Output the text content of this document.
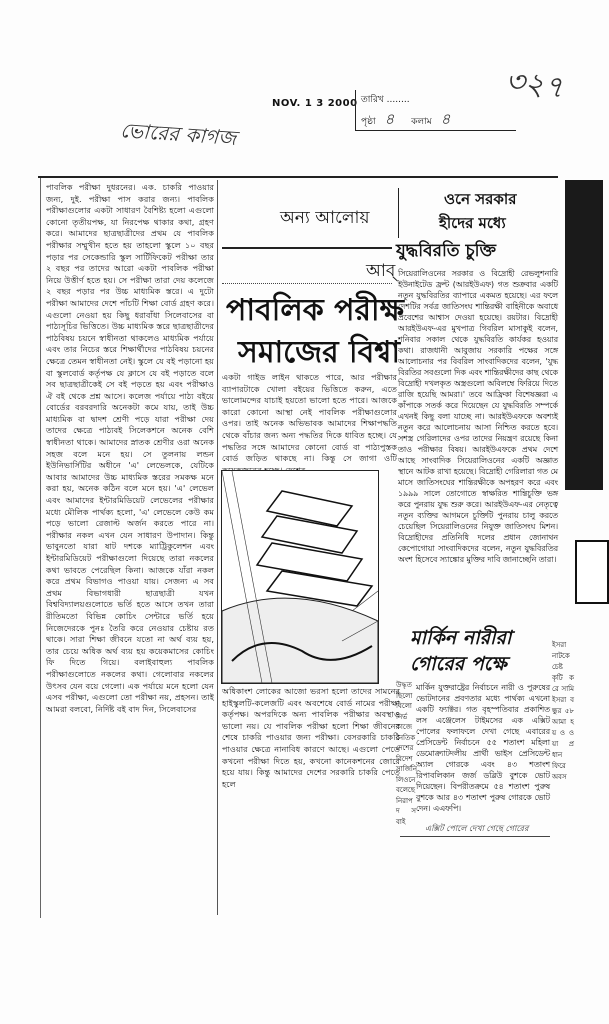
৩২৭
ভোরের কাগজ
NOV. 1 3 2000 তারিখ ........
পৃষ্ঠা ৪ কলাম ৪
পাবলিক পরীক্ষা দুধরনের। এক. চাকরি পাওয়ার জন্য, দুই. পরীক্ষা পাস করার জন্য। পাবলিক পরীক্ষাগুলোর একটা সাধারণ বৈশিষ্ট্য হলো এগুলো কোনো তৃতীয়পক্ষ, যা নিরপেক্ষ থাকার কথা, গ্রহণ করে। আমাদের ছাত্রছাত্রীদের প্রথম যে পাবলিক পরীক্ষার সম্মুখীন হতে হয় তাহলো স্কুলে ১০ বছর পড়ার পর সেকেন্ডারি স্কুল সার্টিফিকেট পরীক্ষা তার ২ বছর পর তাদের আরো একটা পাবলিক পরীক্ষা নিয়ে উত্তীর্ণ হতে হয়। সে পরীক্ষা তারা দেয় কলেজে ২ বছর পড়ার পর উচ্চ মাধ্যমিক স্তরে। এ দুটো পরীক্ষা আমাদের দেশে পাঁচটি শিক্ষা বোর্ড গ্রহণ করে। এগুলো নেওয়া হয় কিছু ধরাবাঁধা সিলেবাসের বা পাঠ্যসূচির ভিত্তিতে। উচ্চ মাধ্যমিক স্তরে ছাত্রছাত্রীদের পাঠবিষয় চয়নে স্বাধীনতা থাকলেও মাধ্যমিক পর্যায়ে এবং তার নিচের স্তরে শিক্ষার্থীদের পাঠবিষয় চয়নের ক্ষেত্রে তেমন স্বাধীনতা নেই। স্কুলে যে বই পড়ানো হয় বা স্কুলবোর্ড কর্তৃপক্ষ যে ক্লাসে যে বই পড়াতে বলে সব ছাত্রছাত্রীকেই সে বই পড়তে হয় এবং পরীক্ষাও ঐ বই থেকে প্রশ্ন আসে। কলেজ পর্যায়ে পাঠ্য বইয়ে বোর্ডের বরবরদারি অনেকটা কমে যায়, তাই উচ্চ মাধ্যমিক বা দ্বাদশ শ্রেণী পড়ে যারা পরীক্ষা দেয় তাদের ক্ষেত্রে পাঠ্যবই সিলেকশনে অনেক বেশি স্বাধীনতা থাকে। আমাদের স্নাতক শ্রেণীর ওরা অনেক সহজ বলে মনে হয়। সে তুলনায় লন্ডন ইউনিভার্সিটির অধীনে 'এ' লেভেলকে, যেটিকে আবার আমাদের উচ্চ মাধ্যমিক স্তরের সমকক্ষ মনে করা হয়, অনেক কঠিন বলে মনে হয়। 'এ' লেভেল এবং আমাদের ইন্টারমিডিয়েট লেভেলের পরীক্ষার মধ্যে মৌলিক পার্থক্য হলো, 'এ' লেভেলে কেউ কম পড়ে ভালো রেজাল্ট অর্জন করতে পারে না। পরীক্ষার নকল এখন যেন সাধারণ উপাদান। কিন্তু ভাবুনতো যারা ষাট দশকে ম্যাট্রিকুলেশন এবং ইন্টারমিডিয়েট পরীক্ষাগুলো দিয়েছে তারা নকলের কথা ভাবতে পেরেছিল কিনা। আজকে যাঁরা নকল করে প্রথম বিভাগও পাওয়া যায়। সেজন্য এ সব প্রথম বিভাগধারী ছাত্রছাত্রী যখন বিশ্ববিদ্যালয়গুলোতে ভর্তি হতে আসে তখন তারা রীতিমতো বিভিন্ন কোচিং সেন্টারে ভর্তি হয়ে নিজেদেরকে পুনঃ তৈরি করে নেওয়ার চেষ্টায় রত থাকে। সারা শিক্ষা জীবনে যতো না অর্থ ব্যয় হয়, তার চেয়ে অধিক অর্থ ব্যয় হয় কয়েকমাসের কোচিং ফি দিতে গিয়ে। বলাইবাহুল্য পাবলিক পরীক্ষাগুলোতে নকলের কথা। গেলোবার নকলের উৎসব যেন বয়ে গেলো। এক পর্যায়ে মনে হলো যেন এসব পরীক্ষা, এগুলো তো পরীক্ষা নয়, প্রহসন। তাই আমরা বলবো, নির্দিষ্ট বই বাদ দিন, সিলেবাসের
অন্য আলোয়
আব্
পাবলিক পরীক্ষ
সমাজের বিশ্বা
একটা গাইড লাইন থাকতে পারে, আর পরীক্ষার ব্যাপারটাকে খোলা বইয়ের ভিত্তিতে করুন, এতে ভালোমন্দের যাচাই হয়তো ভালো হতে পারে। আজকে কারো কোনো আস্থা নেই পাবলিক পরীক্ষাগুলোর ওপর। তাই অনেক অভিভাবক আমাদের শিক্ষাপদ্ধতি থেকে বাঁচার জন্য অন্য পদ্ধতির দিকে ধাবিত হচ্ছে। যে পদ্ধতির সঙ্গে আমাদের কোনো বোর্ড বা পাঠ্যপুস্তক বোর্ড জড়িত থাকছে না। কিন্তু সে জাগা ওটি
অধিকাংশ লোকের আজো ভরসা হলো তাদের সামনের হাইস্কুলটি-কলেজটি এবং অবশেষে বোর্ড নামের পরীক্ষা কর্তৃপক্ষ। অপরদিকে অন্য পাবলিক পরীক্ষার অবস্থাও ভালো নয়। যে পাবলিক পরীক্ষা হলো শিক্ষা জীবনের শেষে চাকরি পাওয়ার জন্য পরীক্ষা। বেসরকারি চাকরি পাওয়ার ক্ষেত্রে নানাবিধ কারণে আছে। এগুলো পেতে কখনো পরীক্ষা দিতে হয়, কখনো কানেকশনের জোরে হয়ে যায়। কিন্তু আমাদের দেশের সরকারি চাকরি পেতে হলে
ওনে সরকার
হীদের মধ্যে
যুদ্ধবিরতি চুক্তি
সিয়েরালিওনের সরকার ও বিদ্রোহী রেভলুশনারি ইউনাইটেড ফ্রন্ট (আরইউএফ) গত শুক্রবার একটি নতুন যুদ্ধবিরতির ব্যাপারে একমত হয়েছে। এর ফলে দেশটির সর্বত্র জাতিসংঘ শান্তিরক্ষী বাহিনীকে অবাধে প্রবেশের আশ্বাস দেওয়া হয়েছে। রয়টার। বিদ্রোহী আরইউএফ-এর মুখপাত্র গিবরিল মাসাকুই বলেন, শনিবার সকাল থেকে যুদ্ধবিরতি কার্যকর হওয়ার কথা। রাজধানী আবুজায় সরকারি পক্ষের সঙ্গে আলোচনার পর বিবরিল সাংবাদিকদের বলেন, 'যুদ্ধ বিরতির সবগুলো দিক এবং শান্তিরক্ষীদের কাছ থেকে বিদ্রোহী দখলকৃত অস্ত্রগুলো অবিলম্বে ফিরিয়ে দিতে রাজি হয়েছি আমরা।' তবে আফ্রিকা বিশেষজ্ঞরা এ কাঁপাকে সতর্ক করে দিয়েছেন যে যুদ্ধবিরতি সম্পর্কে এখনই কিছু বলা যাচ্ছে না। আরইউএফকে অবশ্যই নতুন করে আলোচনায় আসা নিশ্চিত করতে হবে। সশস্ত্র গেরিলাদের ওপর তাদের নিয়ন্ত্রণ রয়েছে কিনা তাও পরীক্ষার বিষয়। আরইউএফকে প্রথম দেশে আছে সাংবাদিক সিয়েরালিওনের একটি অজ্ঞাত স্থানে আটক রাখা হয়েছে। বিদ্রোহী গেরিলারা গত মে মাসে জাতিসংঘের শান্তিরক্ষীকে অপহরণ করে এবং ১৯৯৯ সালে তোগোতে স্বাক্ষরিত শান্তিচুক্তি ভঙ্গ করে পুনরায় যুদ্ধ শুরু করে। আরইউএফ-এর নেতৃত্বে নতুন ব্যক্তির আগমনে চুক্তিটি পুনরায় চালু করতে চেয়েছিল সিয়েরালিওনের নিযুক্ত জাতিসংঘ মিশন। বিদ্রোহীদের প্রতিনিধি দলের প্রধান জোনাথন কেপোগোয়া সাংবাদিকদের বলেন, নতুন যুদ্ধবিরতির অংশ হিসেবে স্যাঙ্কোর মুক্তির দাবি জানাচ্ছেনি তারা।
উদ্ধৃত ছিলো বিলো নির্ভ কাজে নৈতিক দেশের বিদেশ সার্জিনি লিওনে বলেছে নিরাপদ সবাই
ইসরা নাটকে চেষ্ট কৃটি করে সামি ইসরা বন্ধুর ৫৮ আমা হয় ও ওয়া প্রধান ফিরে অবস
মার্কিন নারীরা
গোরের পক্ষে
মার্কিন যুক্তরাষ্ট্রের নির্বাচনে নারী ও পুরুষের ভোটদানের প্রবণতার মধ্যে পার্থক্য এখনো একটি ফ্যাক্টর। গত বৃহস্পতিবার প্রকাশিত লস এঞ্জেলেস টাইমসের এক এক্সিট পোলের ফলাফলে দেখা গেছে এবারের প্রেসিডেন্ট নির্বাচনে ৫৫ শতাংশ মহিলা ডেমোক্র্যাটদলীয় প্রার্থী ভাইস প্রেসিডেন্ট অ্যাল গোরকে এবং ৪৩ শতাংশ রিপাবলিকান জর্জ ডব্লিউ বুশকে ভোট দিয়েছেন। বিপরীতক্রমে ৫৪ শতাংশ পুরুষ বুশকে আর ৪৩ শতাংশ পুরুষ গোরকে ভোট দেন। এএফপি।
এক্সিট পোলে দেখা গেছে গোরের
